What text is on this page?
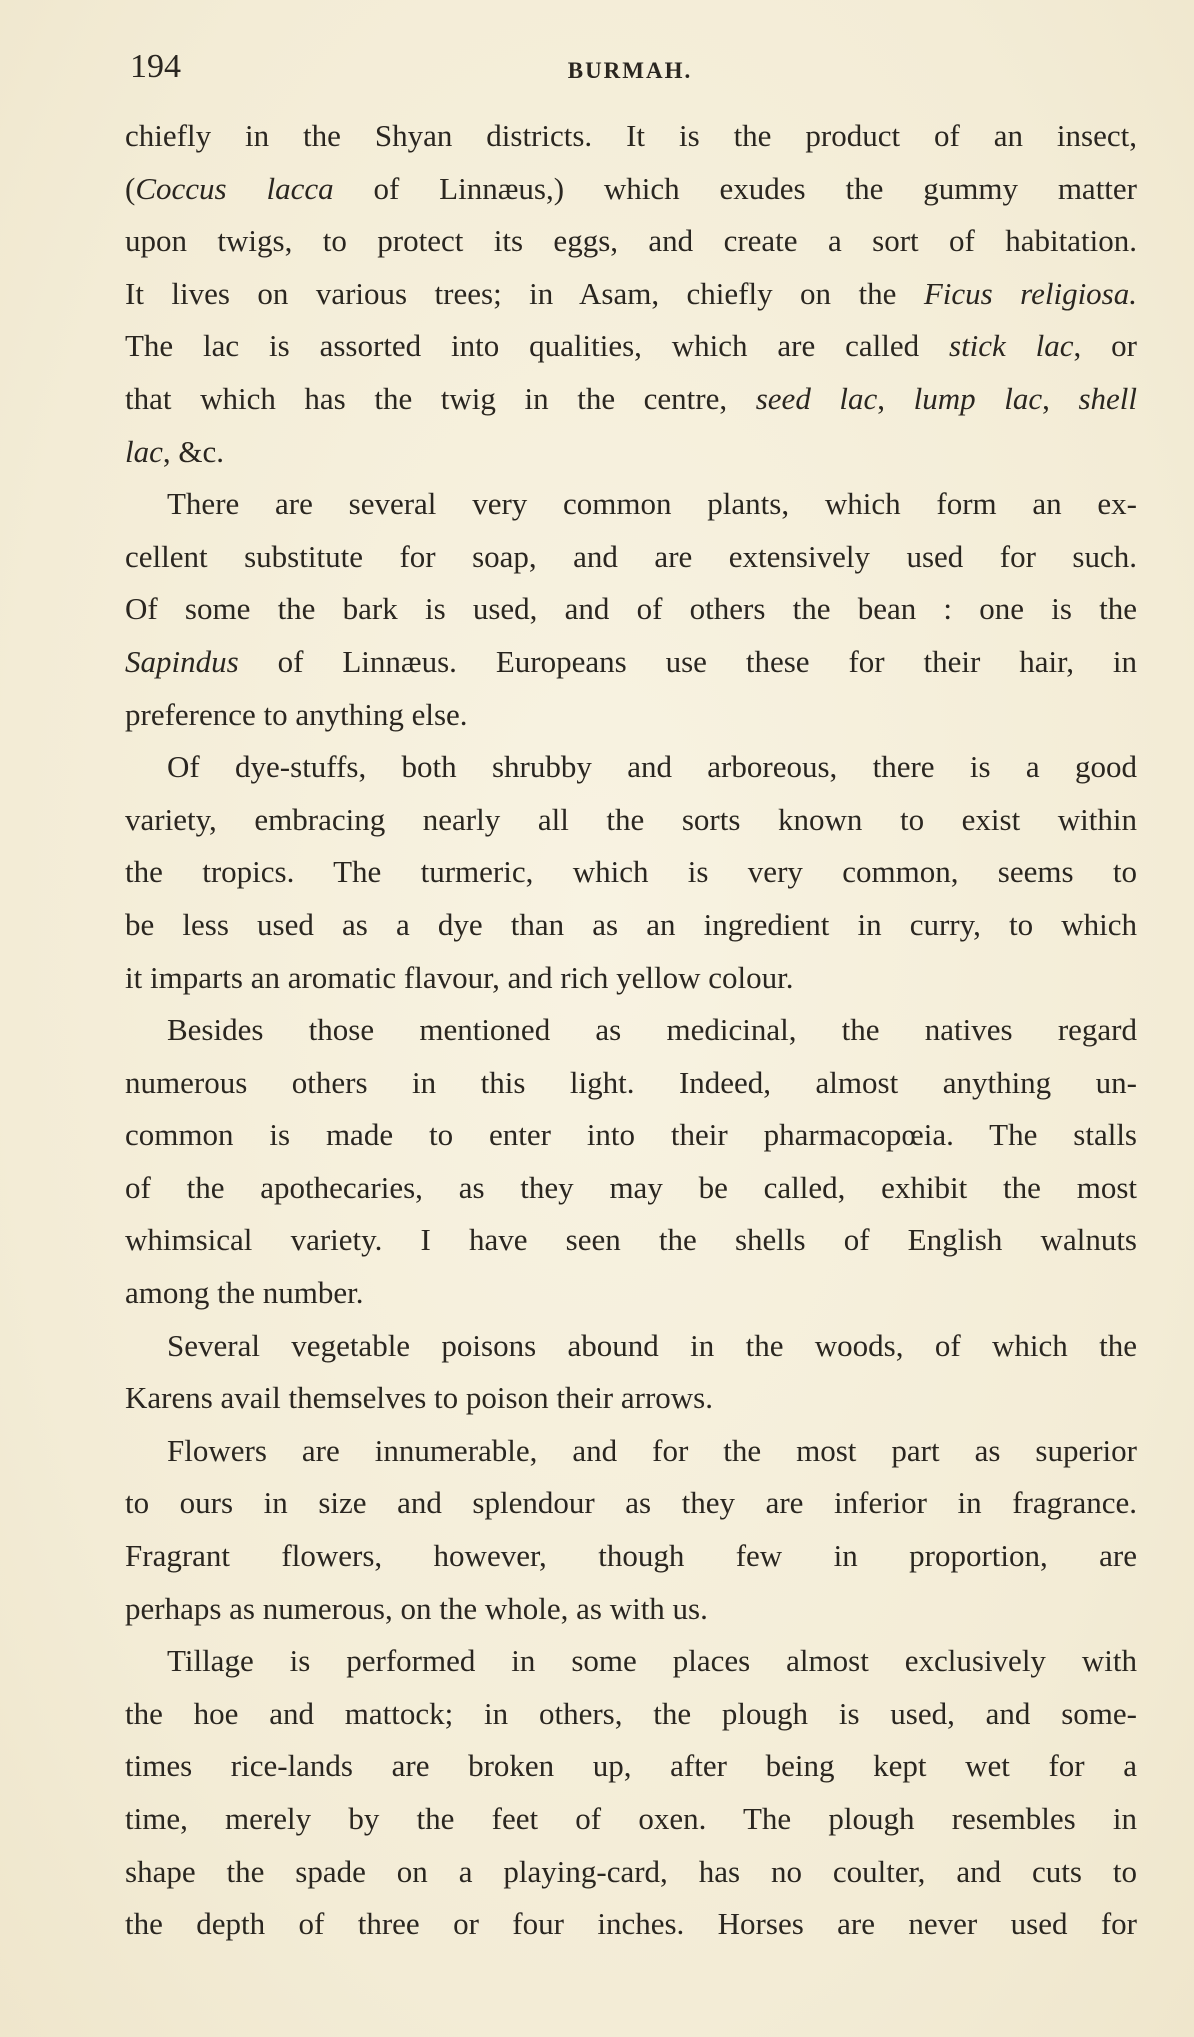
194	BURMAH.
chiefly in the Shyan districts. It is the product of an insect,
(Coccus lacca of Linnæus,) which exudes the gummy matter
upon twigs, to protect its eggs, and create a sort of habitation.
It lives on various trees; in Asam, chiefly on the Ficus religiosa.
The lac is assorted into qualities, which are called stick lac, or
that which has the twig in the centre, seed lac, lump lac, shell
lac, &c.
There are several very common plants, which form an ex-
cellent substitute for soap, and are extensively used for such.
Of some the bark is used, and of others the bean : one is the
Sapindus of Linnæus. Europeans use these for their hair, in
preference to anything else.
Of dye-stuffs, both shrubby and arboreous, there is a good
variety, embracing nearly all the sorts known to exist within
the tropics. The turmeric, which is very common, seems to
be less used as a dye than as an ingredient in curry, to which
it imparts an aromatic flavour, and rich yellow colour.
Besides those mentioned as medicinal, the natives regard
numerous others in this light. Indeed, almost anything un-
common is made to enter into their pharmacopœia. The stalls
of the apothecaries, as they may be called, exhibit the most
whimsical variety. I have seen the shells of English walnuts
among the number.
Several vegetable poisons abound in the woods, of which the
Karens avail themselves to poison their arrows.
Flowers are innumerable, and for the most part as superior
to ours in size and splendour as they are inferior in fragrance.
Fragrant flowers, however, though few in proportion, are
perhaps as numerous, on the whole, as with us.
Tillage is performed in some places almost exclusively with
the hoe and mattock; in others, the plough is used, and some-
times rice-lands are broken up, after being kept wet for a
time, merely by the feet of oxen. The plough resembles in
shape the spade on a playing-card, has no coulter, and cuts to
the depth of three or four inches. Horses are never used for
